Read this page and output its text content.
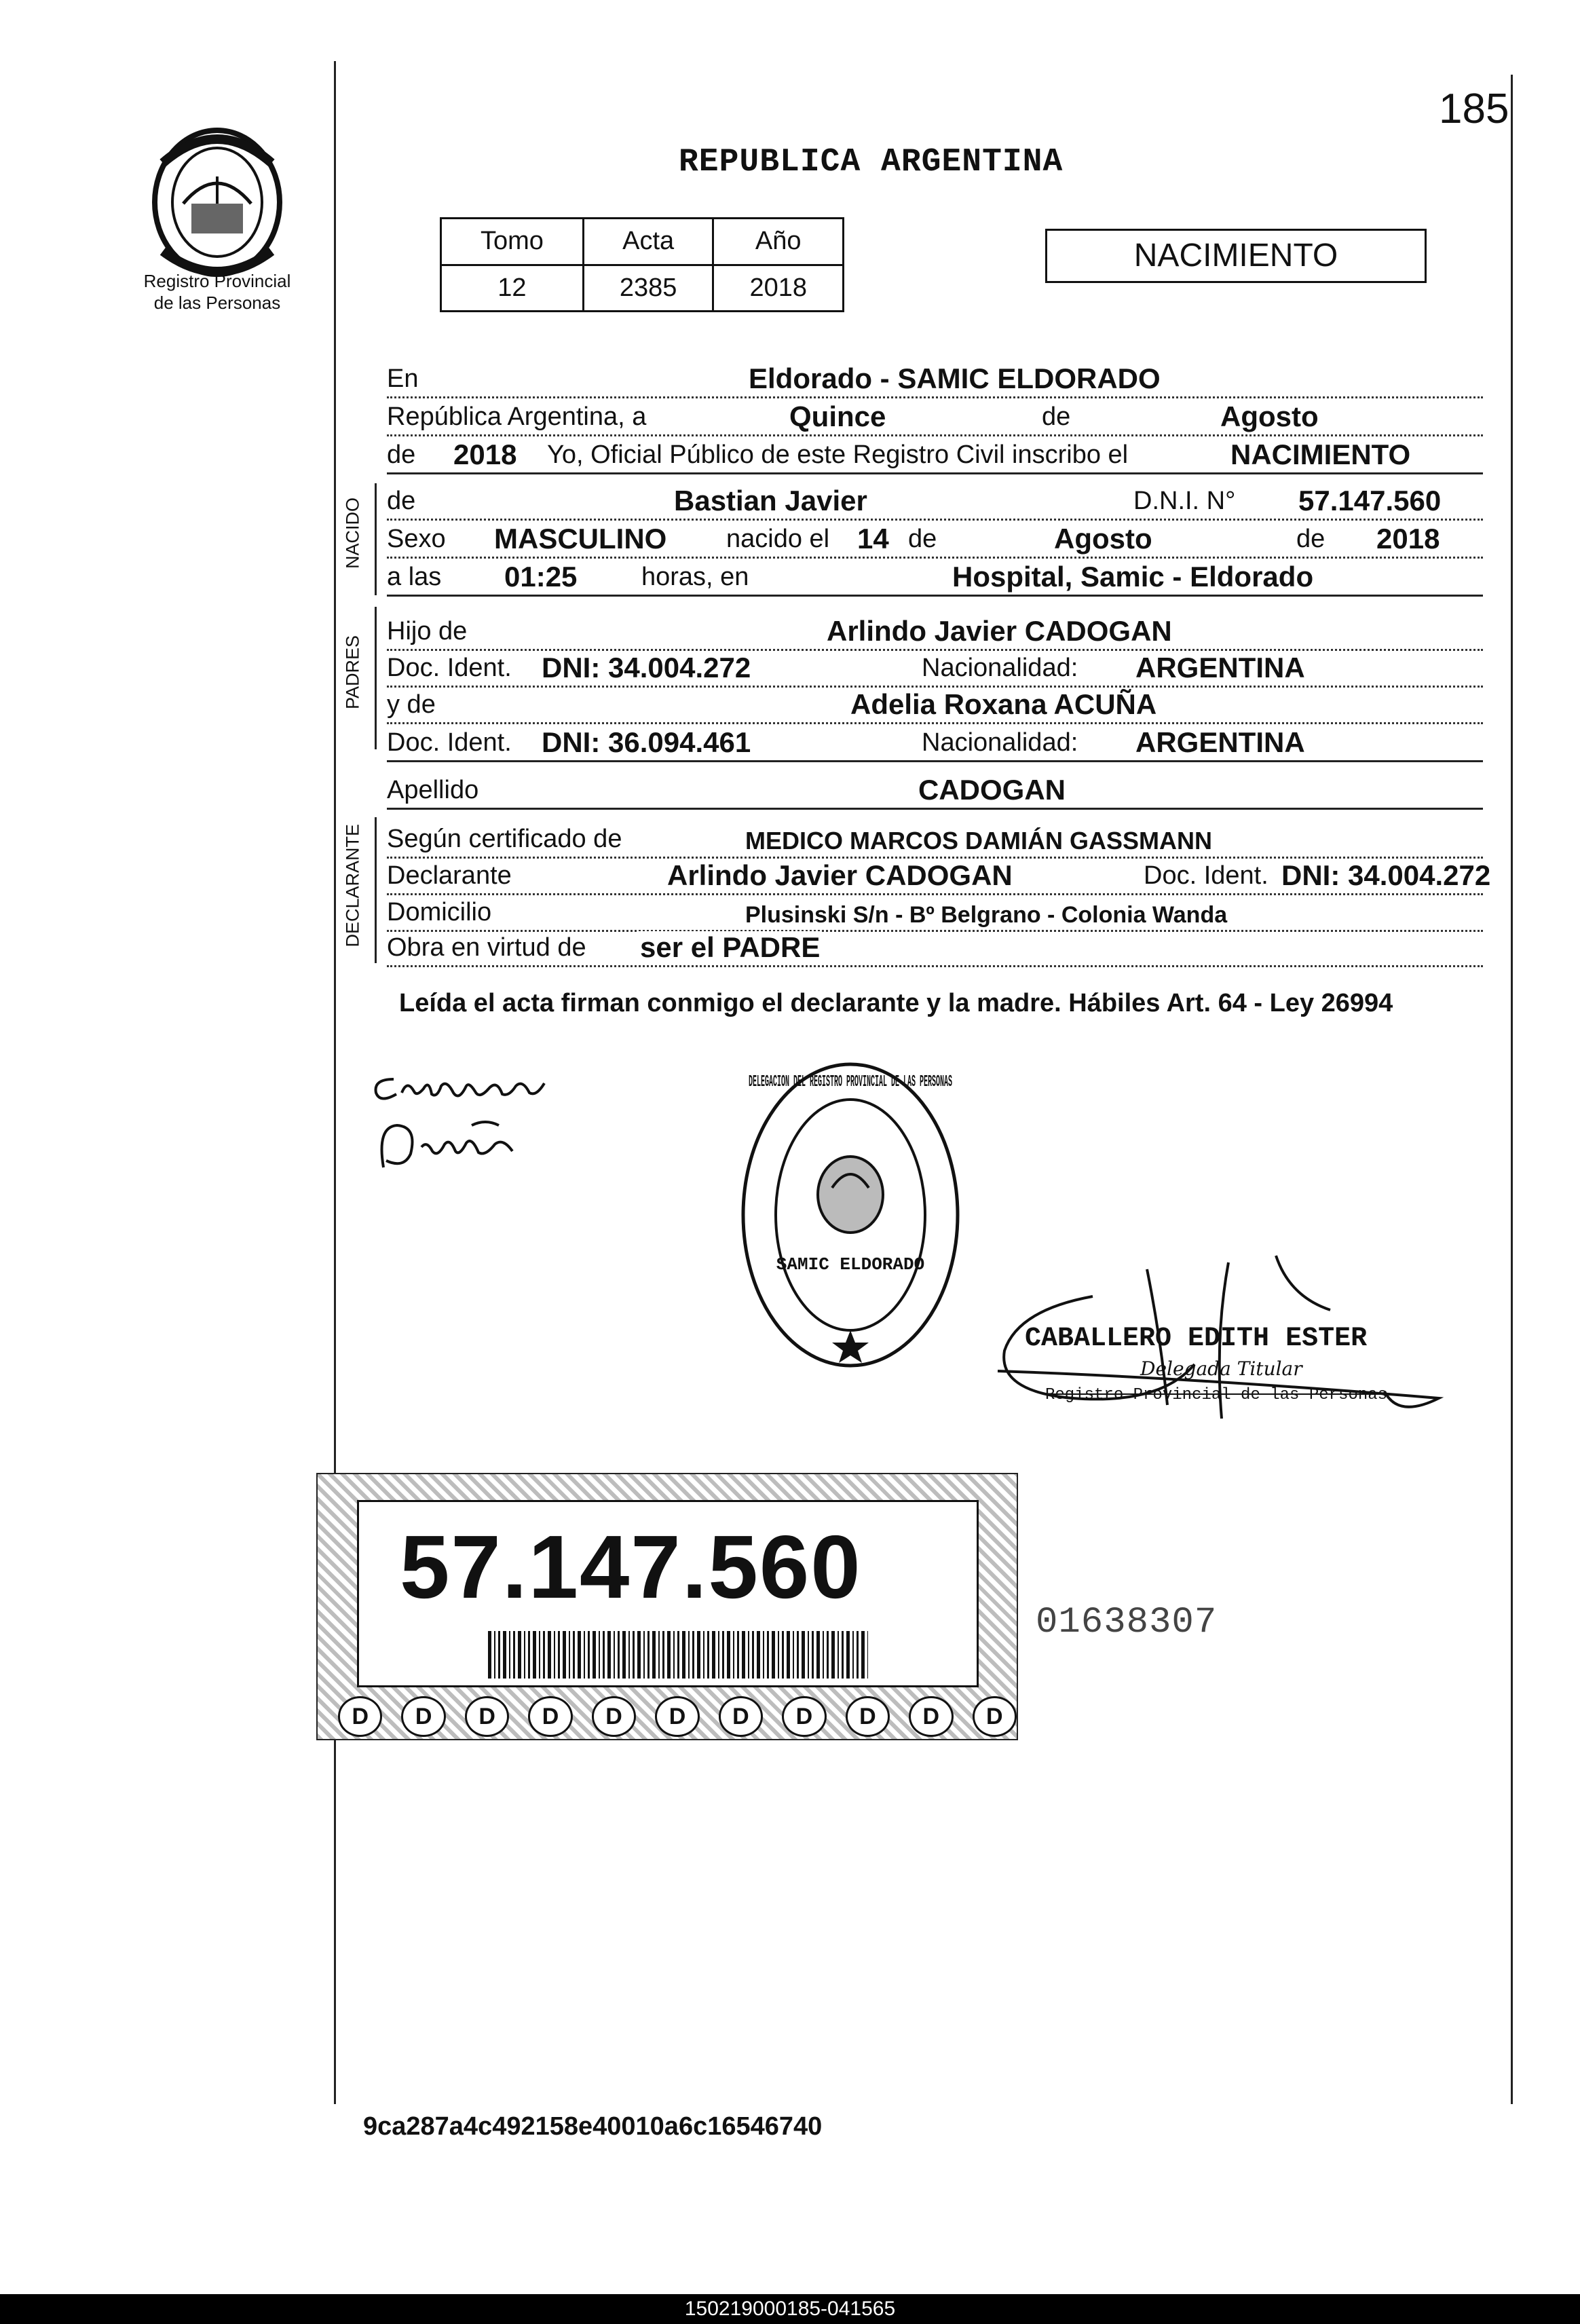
185
Registro Provincial
de las Personas
REPUBLICA ARGENTINA
Tomo	Acta	Año
12	2385	2018
NACIMIENTO
En	Eldorado - SAMIC ELDORADO
República Argentina, a	Quince	de	Agosto
de 2018 Yo, Oficial Público de este Registro Civil inscribo el	NACIMIENTO
NACIDO de	Bastian Javier	D.N.I. N° 57.147.560
Sexo MASCULINO nacido el 14 de	Agosto	de 2018
a las 01:25 horas, en	Hospital, Samic - Eldorado
PADRES
Hijo de	Arlindo Javier CADOGAN
Doc. Ident. DNI: 34.004.272	Nacionalidad: ARGENTINA
y de	Adelia Roxana ACUÑA
Doc. Ident. DNI: 36.094.461	Nacionalidad: ARGENTINA
Apellido	CADOGAN
DECLARANTE Según certificado de	MEDICO MARCOS DAMIÁN GASSMANN
Declarante	Arlindo Javier CADOGAN	Doc. Ident. DNI: 34.004.272
Domicilio	Plusinski S/n - Bº Belgrano - Colonia Wanda
Obra en virtud de ser el PADRE
Leída el acta firman conmigo el declarante y la madre. Hábiles Art. 64 - Ley 26994
DELEGACION DEL REGISTRO PROVINCIAL DE LAS PERSONAS
SAMIC ELDORADO
CABALLERO EDITH ESTER
Delegada Titular
Registro Provincial de las Personas
57.147.560
D	D	D	D	D	D	D	D	D	D	D
01638307
9ca287a4c492158e40010a6c16546740
150219000185-041565
